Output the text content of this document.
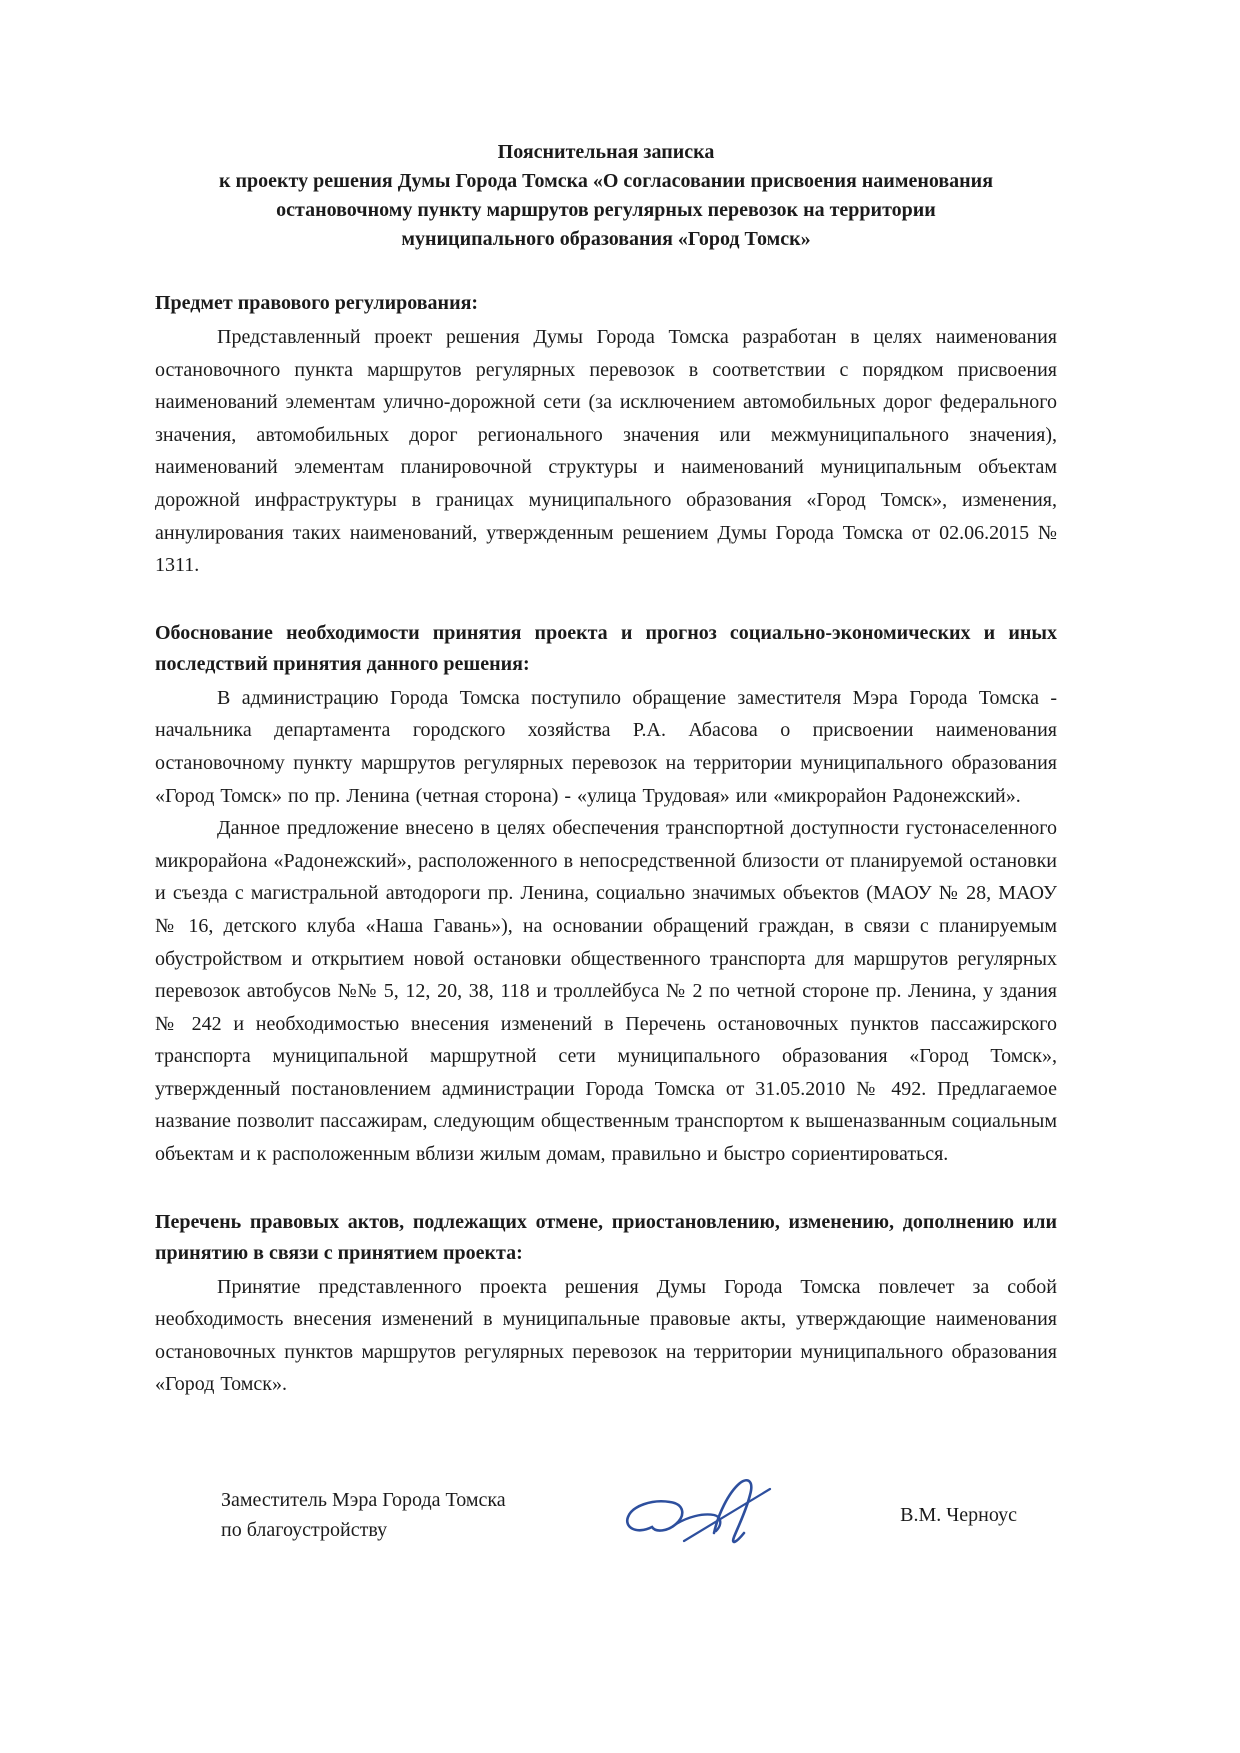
Пояснительная записка
к проекту решения Думы Города Томска «О согласовании присвоения наименования
остановочному пункту маршрутов регулярных перевозок на территории
муниципального образования «Город Томск»
Предмет правового регулирования:

Представленный проект решения Думы Города Томска разработан в целях наименования остановочного пункта маршрутов регулярных перевозок в соответствии с порядком присвоения наименований элементам улично-дорожной сети (за исключением автомобильных дорог федерального значения, автомобильных дорог регионального значения или межмуниципального значения), наименований элементам планировочной структуры и наименований муниципальным объектам дорожной инфраструктуры в границах муниципального образования «Город Томск», изменения, аннулирования таких наименований, утвержденным решением Думы Города Томска от 02.06.2015 № 1311.

Обоснование необходимости принятия проекта и прогноз социально-экономических и иных последствий принятия данного решения:

В администрацию Города Томска поступило обращение заместителя Мэра Города Томска - начальника департамента городского хозяйства Р.А. Абасова о присвоении наименования остановочному пункту маршрутов регулярных перевозок на территории муниципального образования «Город Томск» по пр. Ленина (четная сторона) - «улица Трудовая» или «микрорайон Радонежский».

Данное предложение внесено в целях обеспечения транспортной доступности густонаселенного микрорайона «Радонежский», расположенного в непосредственной близости от планируемой остановки и съезда с магистральной автодороги пр. Ленина, социально значимых объектов (МАОУ № 28, МАОУ № 16, детского клуба «Наша Гавань»), на основании обращений граждан, в связи с планируемым обустройством и открытием новой остановки общественного транспорта для маршрутов регулярных перевозок автобусов №№ 5, 12, 20, 38, 118 и троллейбуса № 2 по четной стороне пр. Ленина, у здания № 242 и необходимостью внесения изменений в Перечень остановочных пунктов пассажирского транспорта муниципальной маршрутной сети муниципального образования «Город Томск», утвержденный постановлением администрации Города Томска от 31.05.2010 № 492. Предлагаемое название позволит пассажирам, следующим общественным транспортом к вышеназванным социальным объектам и к расположенным вблизи жилым домам, правильно и быстро сориентироваться.

Перечень правовых актов, подлежащих отмене, приостановлению, изменению, дополнению или принятию в связи с принятием проекта:

Принятие представленного проекта решения Думы Города Томска повлечет за собой необходимость внесения изменений в муниципальные правовые акты, утверждающие наименования остановочных пунктов маршрутов регулярных перевозок на территории муниципального образования «Город Томск».

Заместитель Мэра Города Томска
по благоустройству
В.М. Черноус
